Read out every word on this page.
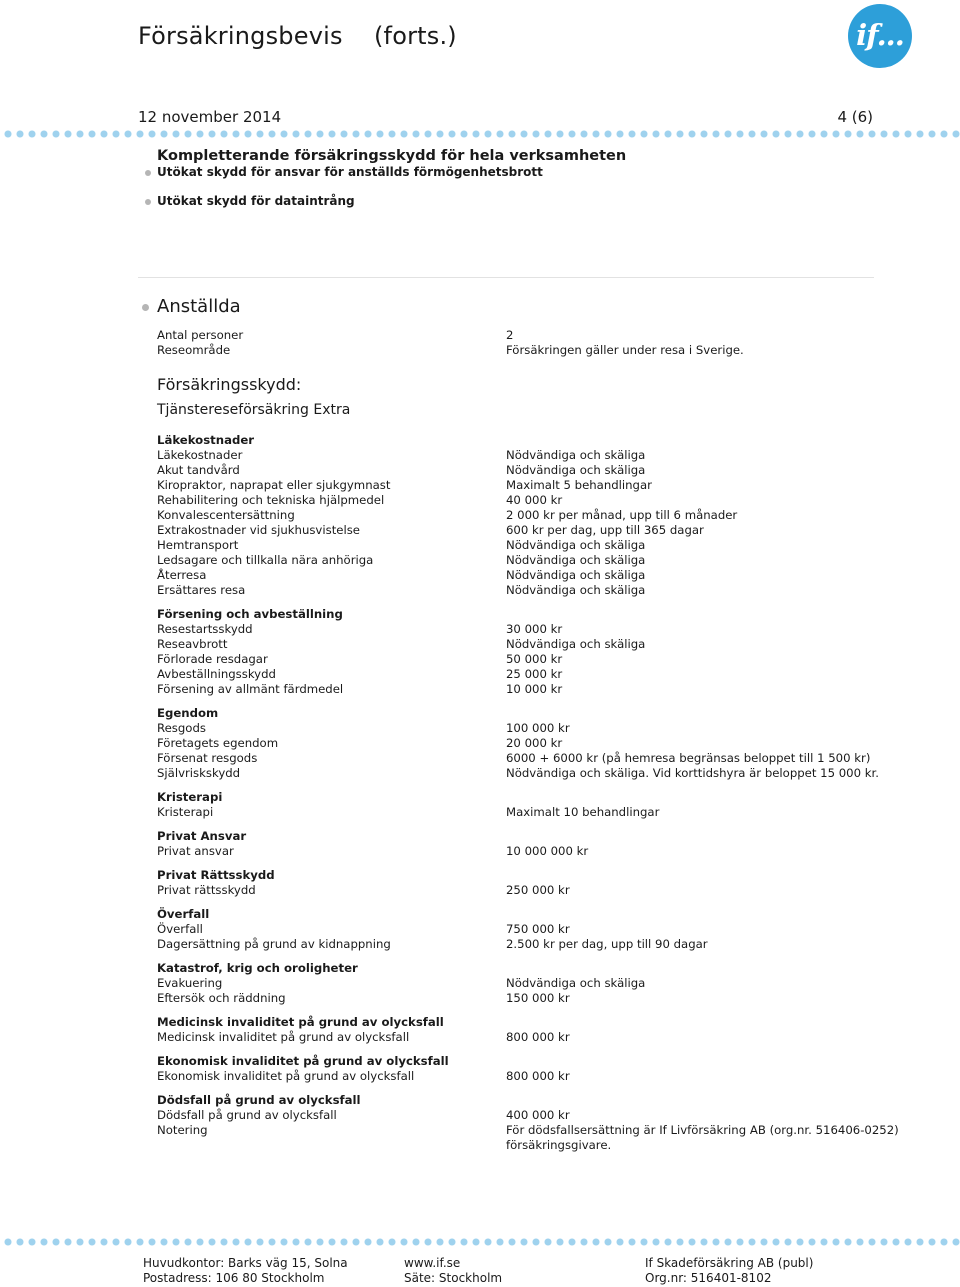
Försäkringsbevis    (forts.)	if...
12 november 2014	4 (6)
Kompletterande försäkringsskydd för hela verksamheten
Utökat skydd för ansvar för anställds förmögenhetsbrott
Utökat skydd för dataintrång
Anställda
Antal personer	2
Reseområde	Försäkringen gäller under resa i Sverige.
Försäkringsskydd:
Tjänstereseförsäkring Extra
Läkekostnader
Läkekostnader	Nödvändiga och skäliga
Akut tandvård	Nödvändiga och skäliga
Kiropraktor, naprapat eller sjukgymnast	Maximalt 5 behandlingar
Rehabilitering och tekniska hjälpmedel	40 000 kr
Konvalescentersättning	2 000 kr per månad, upp till 6 månader
Extrakostnader vid sjukhusvistelse	600 kr per dag, upp till 365 dagar
Hemtransport	Nödvändiga och skäliga
Ledsagare och tillkalla nära anhöriga	Nödvändiga och skäliga
Återresa	Nödvändiga och skäliga
Ersättares resa	Nödvändiga och skäliga
Försening och avbeställning
Resestartsskydd	30 000 kr
Reseavbrott	Nödvändiga och skäliga
Förlorade resdagar	50 000 kr
Avbeställningsskydd	25 000 kr
Försening av allmänt färdmedel	10 000 kr
Egendom
Resgods	100 000 kr
Företagets egendom	20 000 kr
Försenat resgods	6000 + 6000 kr (på hemresa begränsas beloppet till 1 500 kr)
Självriskskydd	Nödvändiga och skäliga. Vid korttidshyra är beloppet 15 000 kr.
Kristerapi
Kristerapi	Maximalt 10 behandlingar
Privat Ansvar
Privat ansvar	10 000 000 kr
Privat Rättsskydd
Privat rättsskydd	250 000 kr
Överfall
Överfall	750 000 kr
Dagersättning på grund av kidnappning	2.500 kr per dag, upp till 90 dagar
Katastrof, krig och oroligheter
Evakuering	Nödvändiga och skäliga
Eftersök och räddning	150 000 kr
Medicinsk invaliditet på grund av olycksfall
Medicinsk invaliditet på grund av olycksfall	800 000 kr
Ekonomisk invaliditet på grund av olycksfall
Ekonomisk invaliditet på grund av olycksfall	800 000 kr
Dödsfall på grund av olycksfall
Dödsfall på grund av olycksfall	400 000 kr
Notering	För dödsfallsersättning är If Livförsäkring AB (org.nr. 516406-0252)
försäkringsgivare.
Huvudkontor: Barks väg 15, Solna
Postadress: 106 80 Stockholm
www.if.se
Säte: Stockholm
If Skadeförsäkring AB (publ)
Org.nr: 516401-8102
